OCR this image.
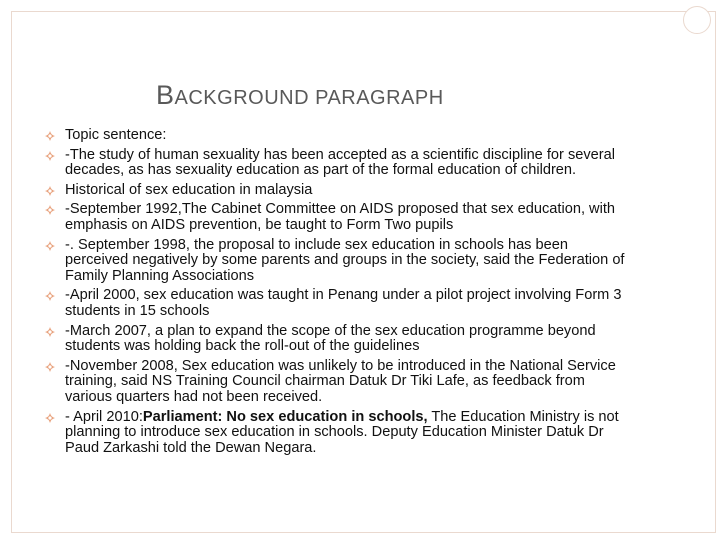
BACKGROUND PARAGRAPH
Topic sentence:
-The study of human sexuality has been accepted as a scientific discipline for several decades, as has sexuality education as part of the formal education of children.
Historical of sex education in malaysia
-September 1992,The Cabinet Committee on AIDS proposed that sex education, with emphasis on AIDS prevention, be taught to Form Two pupils
-. September 1998, the proposal to include sex education in schools has been perceived negatively by some parents and groups in the society, said the Federation of Family Planning Associations
-April 2000, sex education was taught in Penang under a pilot project involving Form 3 students in 15 schools
-March 2007, a plan to expand the scope of the sex education programme beyond students was holding back the roll-out of the guidelines
-November 2008, Sex education was unlikely to be introduced in the National Service training, said NS Training Council chairman Datuk Dr Tiki Lafe, as feedback from various quarters had not been received.
- April 2010:Parliament: No sex education in schools, The Education Ministry is not planning to introduce sex education in schools. Deputy Education Minister Datuk Dr Paud Zarkashi told the Dewan Negara.
